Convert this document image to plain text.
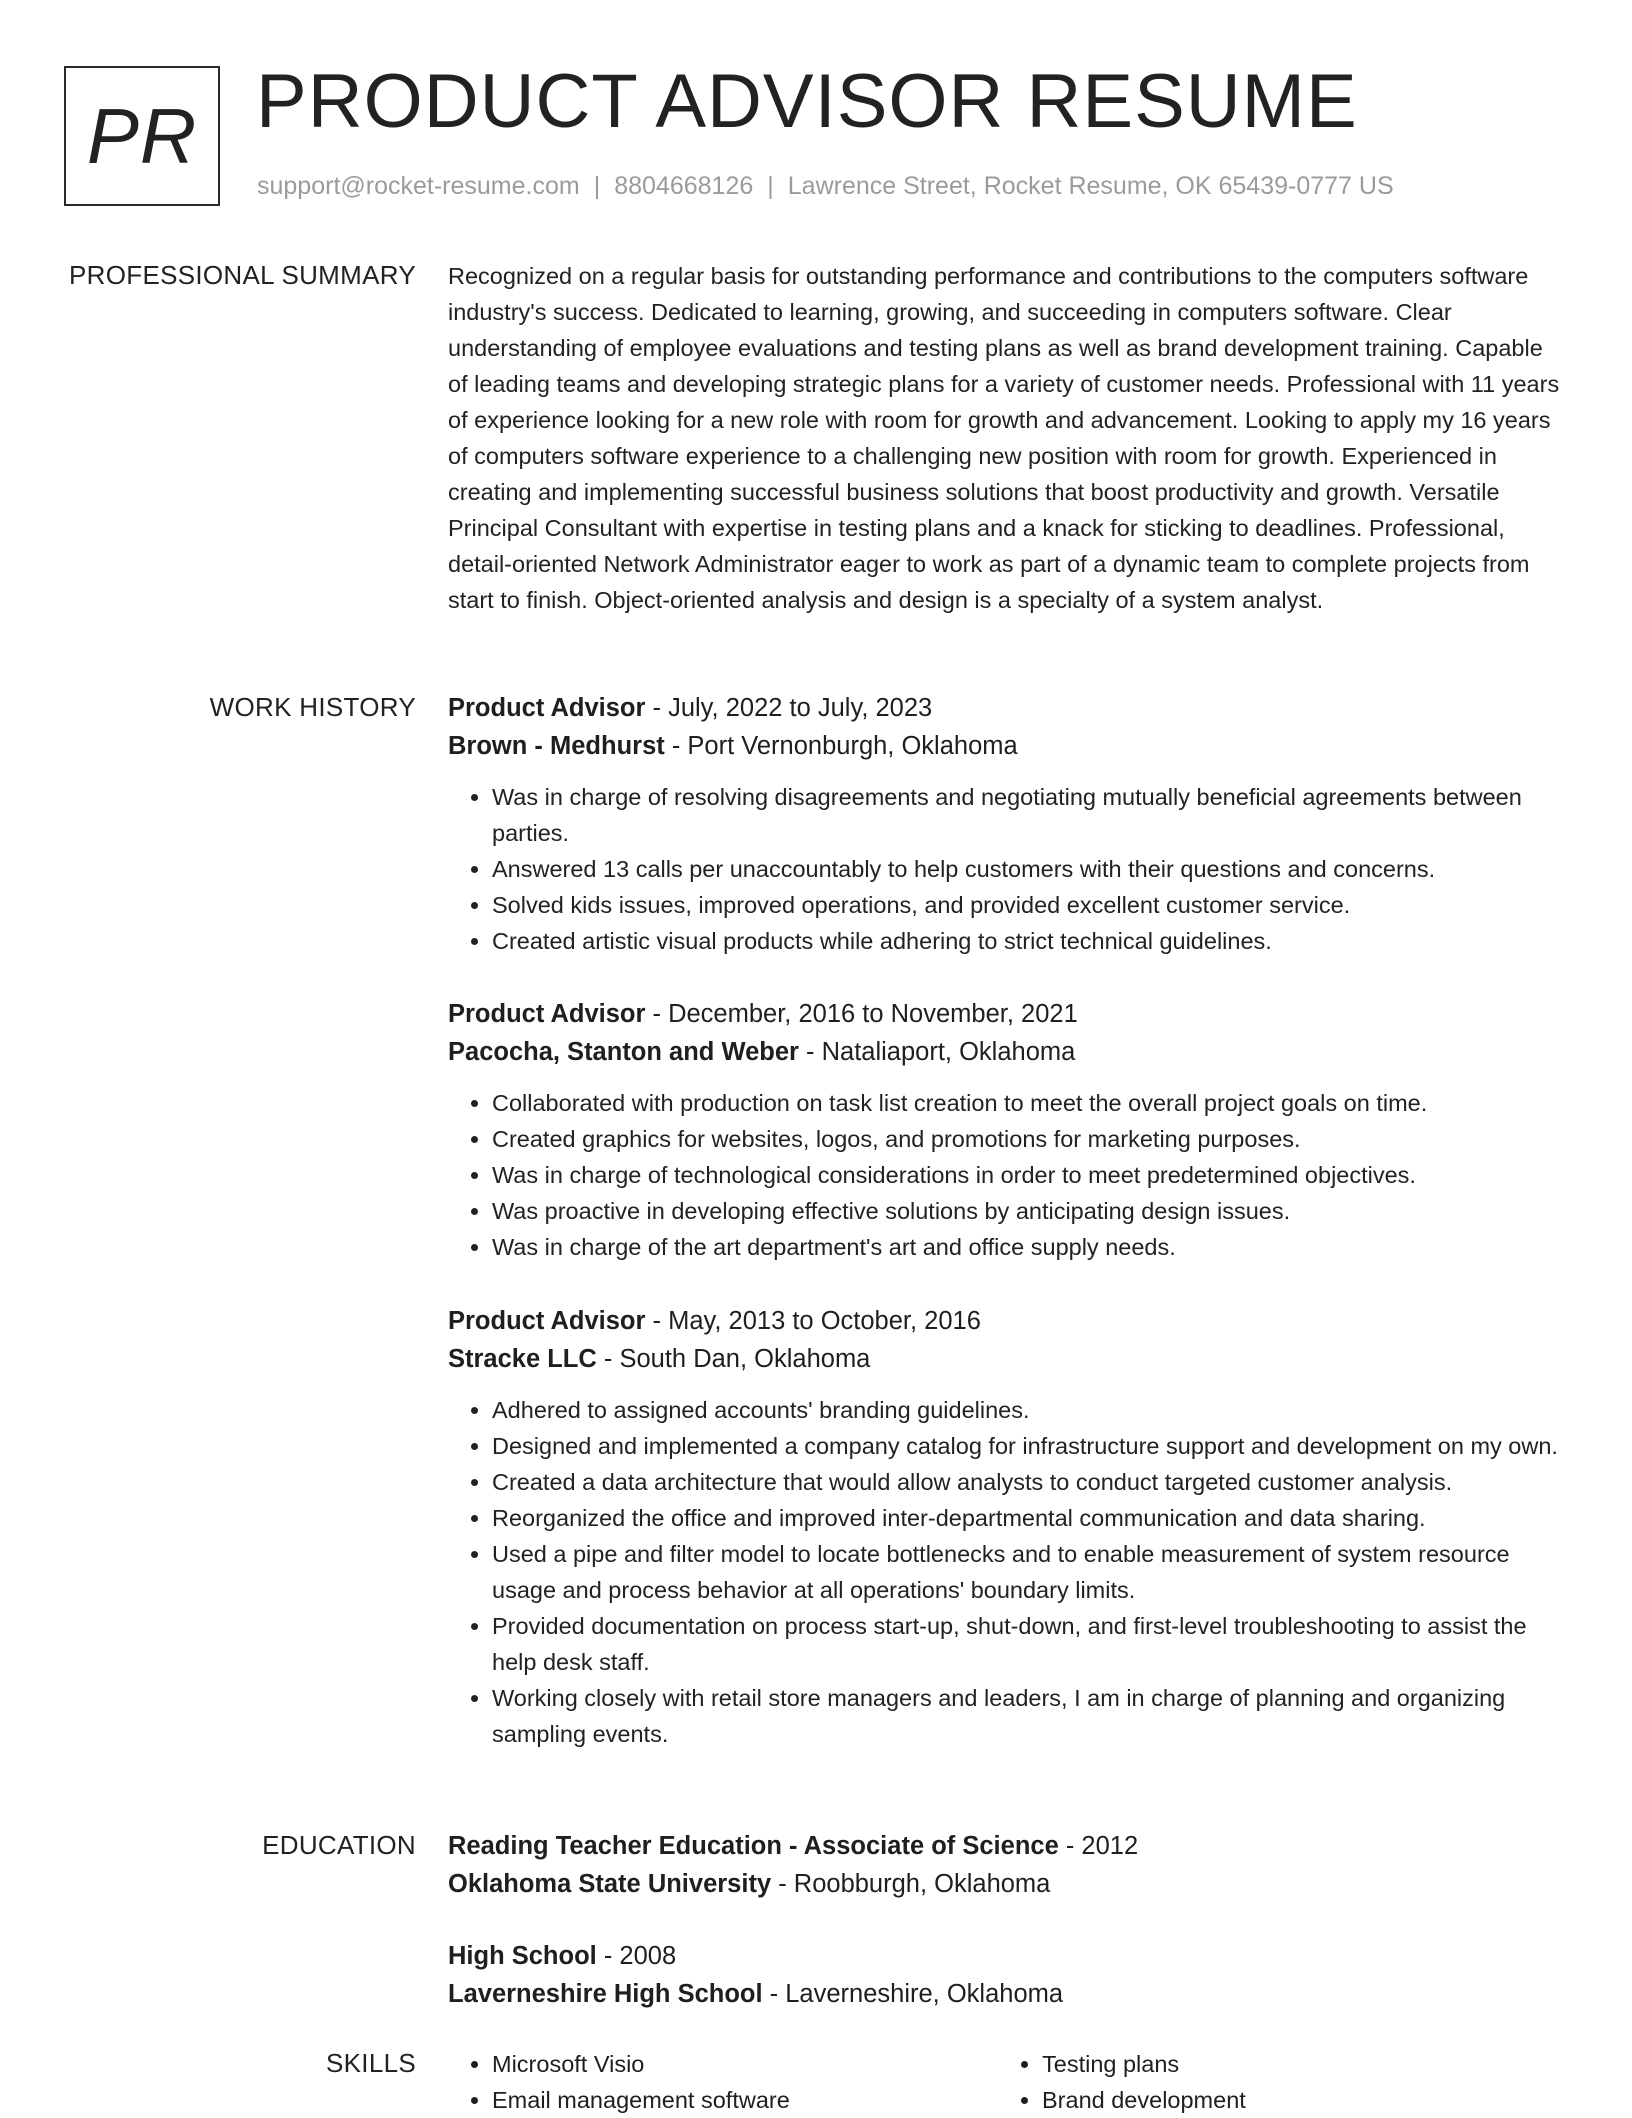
PR PRODUCT ADVISOR RESUME
support@rocket-resume.com | 8804668126 | Lawrence Street, Rocket Resume, OK 65439-0777 US
PROFESSIONAL SUMMARY Recognized on a regular basis for outstanding performance and contributions to the computers software industry's success. Dedicated to learning, growing, and succeeding in computers software. Clear understanding of employee evaluations and testing plans as well as brand development training. Capable of leading teams and developing strategic plans for a variety of customer needs. Professional with 11 years of experience looking for a new role with room for growth and advancement. Looking to apply my 16 years of computers software experience to a challenging new position with room for growth. Experienced in creating and implementing successful business solutions that boost productivity and growth. Versatile Principal Consultant with expertise in testing plans and a knack for sticking to deadlines. Professional, detail-oriented Network Administrator eager to work as part of a dynamic team to complete projects from start to finish. Object-oriented analysis and design is a specialty of a system analyst.

WORK HISTORY Product Advisor - July, 2022 to July, 2023
Brown - Medhurst - Port Vernonburgh, Oklahoma
• Was in charge of resolving disagreements and negotiating mutually beneficial agreements between parties.
• Answered 13 calls per unaccountably to help customers with their questions and concerns.
• Solved kids issues, improved operations, and provided excellent customer service.
• Created artistic visual products while adhering to strict technical guidelines.
Product Advisor - December, 2016 to November, 2021
Pacocha, Stanton and Weber - Nataliaport, Oklahoma
• Collaborated with production on task list creation to meet the overall project goals on time.
• Created graphics for websites, logos, and promotions for marketing purposes.
• Was in charge of technological considerations in order to meet predetermined objectives.
• Was proactive in developing effective solutions by anticipating design issues.
• Was in charge of the art department's art and office supply needs.
Product Advisor - May, 2013 to October, 2016
Stracke LLC - South Dan, Oklahoma
• Adhered to assigned accounts' branding guidelines.
• Designed and implemented a company catalog for infrastructure support and development on my own.
• Created a data architecture that would allow analysts to conduct targeted customer analysis.
• Reorganized the office and improved inter-departmental communication and data sharing.
• Used a pipe and filter model to locate bottlenecks and to enable measurement of system resource usage and process behavior at all operations' boundary limits.
• Provided documentation on process start-up, shut-down, and first-level troubleshooting to assist the help desk staff.
• Working closely with retail store managers and leaders, I am in charge of planning and organizing sampling events.
EDUCATION Reading Teacher Education - Associate of Science - 2012
Oklahoma State University - Roobburgh, Oklahoma
High School - 2008
Laverneshire High School - Laverneshire, Oklahoma
SKILLS
•	Microsoft Visio
• Email management software
• Testing plans
• Brand development
